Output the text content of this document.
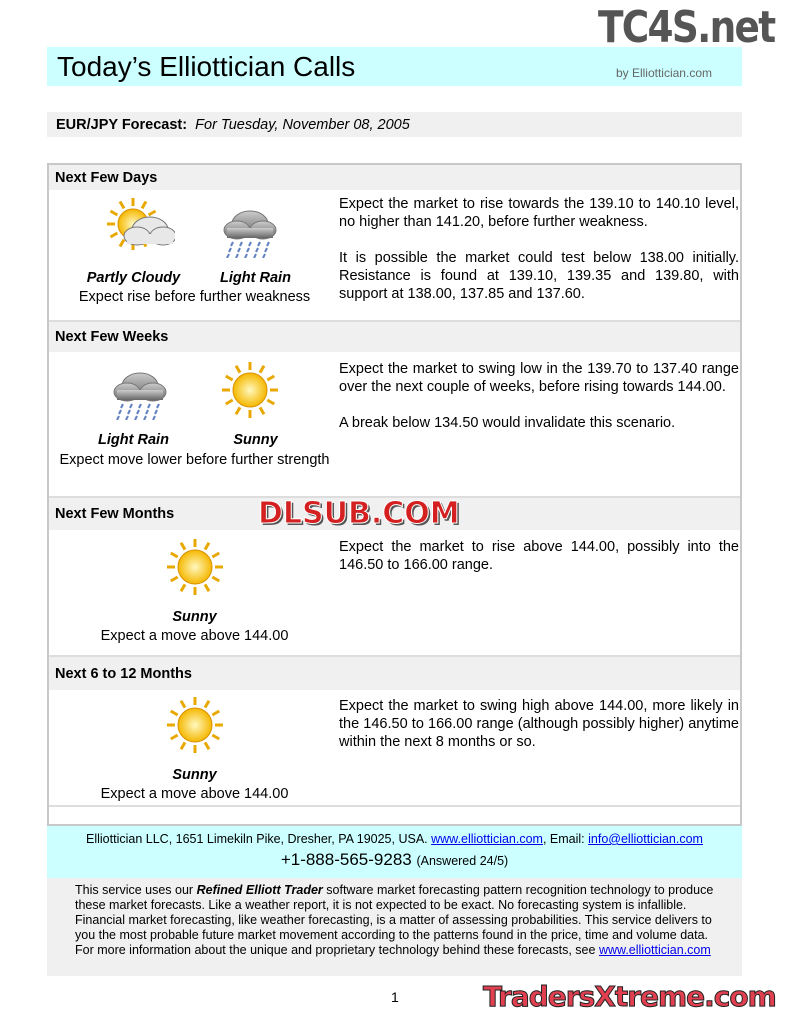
Today’s Elliottician Calls	by Elliottician.com
EUR/JPY Forecast: For Tuesday, November 08, 2005
Next Few Days
Partly Cloudy	Light Rain
Expect rise before further weakness

Expect the market to rise towards the 139.10 to 140.10 level, no higher than 141.20, before further weakness.

It is possible the market could test below 138.00 initially. Resistance is found at 139.10, 139.35 and 139.80, with support at 138.00, 137.85 and 137.60.

Next Few Weeks
Light Rain	Sunny
Expect move lower before further strength

Expect the market to swing low in the 139.70 to 137.40 range over the next couple of weeks, before rising towards 144.00.

A break below 134.50 would invalidate this scenario.

Next Few Months
Sunny
Expect a move above 144.00

Expect the market to rise above 144.00, possibly into the 146.50 to 166.00 range.

Next 6 to 12 Months
Sunny
Expect a move above 144.00

Expect the market to swing high above 144.00, more likely in the 146.50 to 166.00 range (although possibly higher) anytime within the next 8 months or so.

Elliottician LLC, 1651 Limekiln Pike, Dresher, PA 19025, USA. www.elliottician.com, Email: info@elliottician.com
+1-888-565-9283 (Answered 24/5)
This service uses our Refined Elliott Trader software market forecasting pattern recognition technology to produce these market forecasts. Like a weather report, it is not expected to be exact. No forecasting system is infallible. Financial market forecasting, like weather forecasting, is a matter of assessing probabilities. This service delivers to you the most probable future market movement according to the patterns found in the price, time and volume data. For more information about the unique and proprietary technology behind these forecasts, see www.elliottician.com
1
TC4S.net
DLSUB.COM
TradersXtreme.com
